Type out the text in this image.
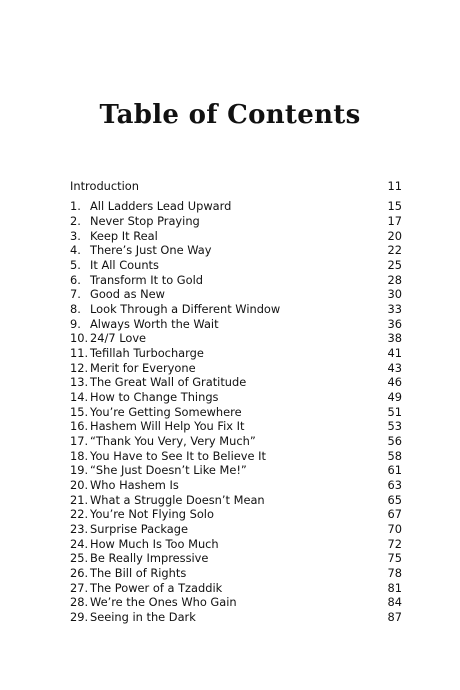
Table of Contents
Introduction	11
1. All Ladders Lead Upward	15
2. Never Stop Praying	17
3. Keep It Real	20
4. There’s Just One Way	22
5. It All Counts	25
6. Transform It to Gold	28
7. Good as New	30
8. Look Through a Different Window	33
9. Always Worth the Wait	36
10. 24/7 Love	38
11. Tefillah Turbocharge	41
12. Merit for Everyone	43
13. The Great Wall of Gratitude	46
14. How to Change Things	49
15. You’re Getting Somewhere	51
16. Hashem Will Help You Fix It	53
17. “Thank You Very, Very Much”	56
18. You Have to See It to Believe It	58
19. “She Just Doesn’t Like Me!”	61
20. Who Hashem Is	63
21. What a Struggle Doesn’t Mean	65
22. You’re Not Flying Solo	67
23. Surprise Package	70
24. How Much Is Too Much	72
25. Be Really Impressive	75
26. The Bill of Rights	78
27. The Power of a Tzaddik	81
28. We’re the Ones Who Gain	84
29. Seeing in the Dark	87
